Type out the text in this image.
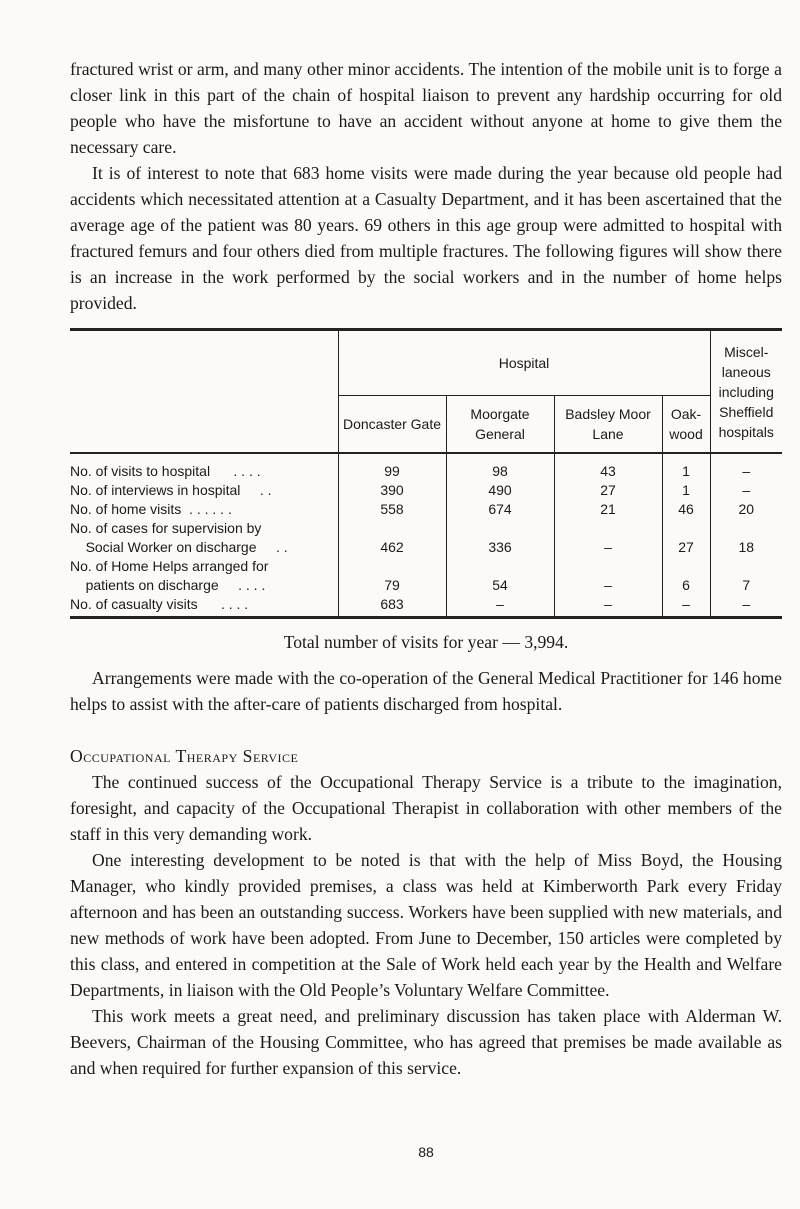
fractured wrist or arm, and many other minor accidents. The intention of the mobile unit is to forge a closer link in this part of the chain of hospital liaison to prevent any hardship occurring for old people who have the misfortune to have an accident without anyone at home to give them the necessary care.

It is of interest to note that 683 home visits were made during the year because old people had accidents which necessitated attention at a Casualty Department, and it has been ascertained that the average age of the patient was 80 years. 69 others in this age group were admitted to hospital with fractured femurs and four others died from multiple fractures. The following figures will show there is an increase in the work performed by the social workers and in the number of home helps provided.

	Hospital				Miscel- laneous including Sheffield hospitals
	Doncaster Gate	Moorgate General	Badsley Moor Lane	Oak- wood	
No. of visits to hospital . . . .	99	98	43	1	–
No. of interviews in hospital . .	390	490	27	1	–
No. of home visits . . . . . .	558	674	21	46	20
No. of cases for supervision by
Social Worker on discharge . .	462	336	–	27	18
No. of Home Helps arranged for
patients on discharge . . . .	79	54	–	6	7
No. of casualty visits . . . .	683	–	–	–	–
Total number of visits for year — 3,994.

Arrangements were made with the co-operation of the General Medical Practitioner for 146 home helps to assist with the after-care of patients discharged from hospital.

Occupational Therapy Service

The continued success of the Occupational Therapy Service is a tribute to the imagination, foresight, and capacity of the Occupational Therapist in collaboration with other members of the staff in this very demanding work.

One interesting development to be noted is that with the help of Miss Boyd, the Housing Manager, who kindly provided premises, a class was held at Kimberworth Park every Friday afternoon and has been an outstanding success. Workers have been supplied with new materials, and new methods of work have been adopted. From June to December, 150 articles were completed by this class, and entered in competition at the Sale of Work held each year by the Health and Welfare Departments, in liaison with the Old People’s Voluntary Welfare Committee.

This work meets a great need, and preliminary discussion has taken place with Alderman W. Beevers, Chairman of the Housing Committee, who has agreed that premises be made available as and when required for further expansion of this service.

88
